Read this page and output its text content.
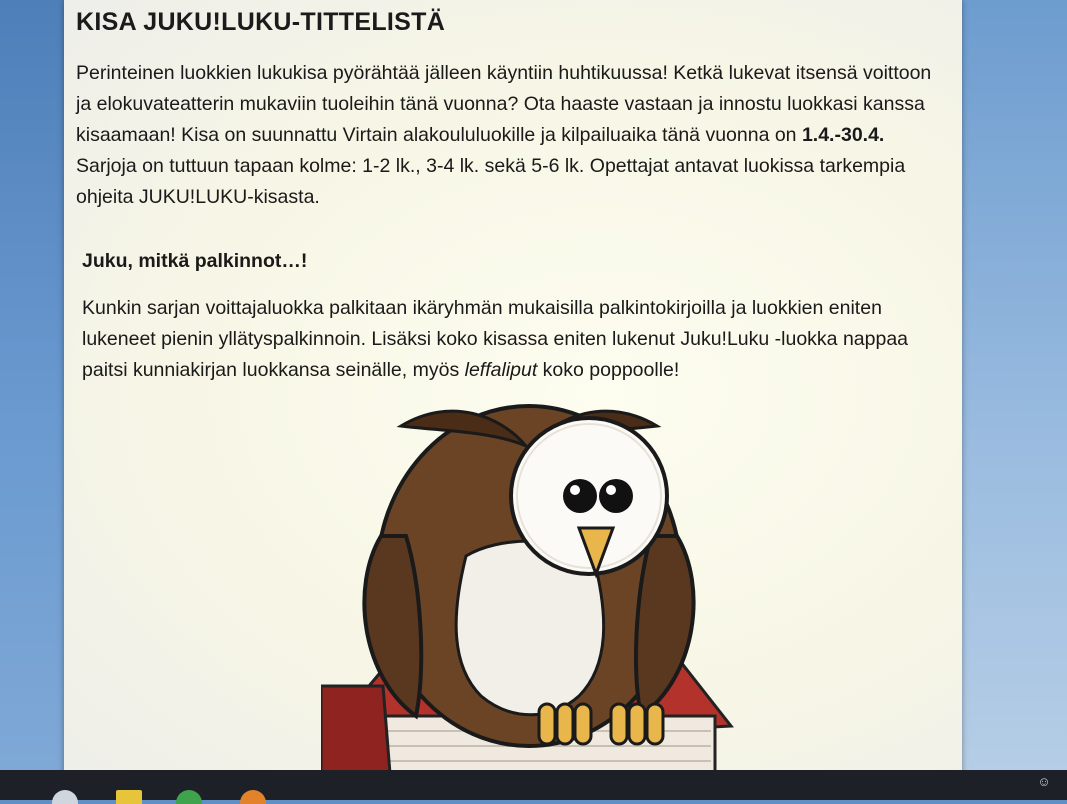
KISA JUKU!LUKU-TITTELISTÄ

Perinteinen luokkien lukukisa pyörähtää jälleen käyntiin huhtikuussa! Ketkä lukevat itsensä voittoon ja elokuvateatterin mukaviin tuoleihin tänä vuonna? Ota haaste vastaan ja innostu luokkasi kanssa kisaamaan! Kisa on suunnattu Virtain alakoululuokille ja kilpailuaika tänä vuonna on 1.4.-30.4. Sarjoja on tuttuun tapaan kolme: 1-2 lk., 3-4 lk. sekä 5-6 lk. Opettajat antavat luokissa tarkempia ohjeita JUKU!LUKU-kisasta.

Juku, mitkä palkinnot…!

Kunkin sarjan voittajaluokka palkitaan ikäryhmän mukaisilla palkintokirjoilla ja luokkien eniten lukeneet pienin yllätyspalkinnoin. Lisäksi koko kisassa eniten lukenut Juku!Luku -luokka nappaa paitsi kunniakirjan luokkansa seinälle, myös leffaliput koko poppoolle!

☺
